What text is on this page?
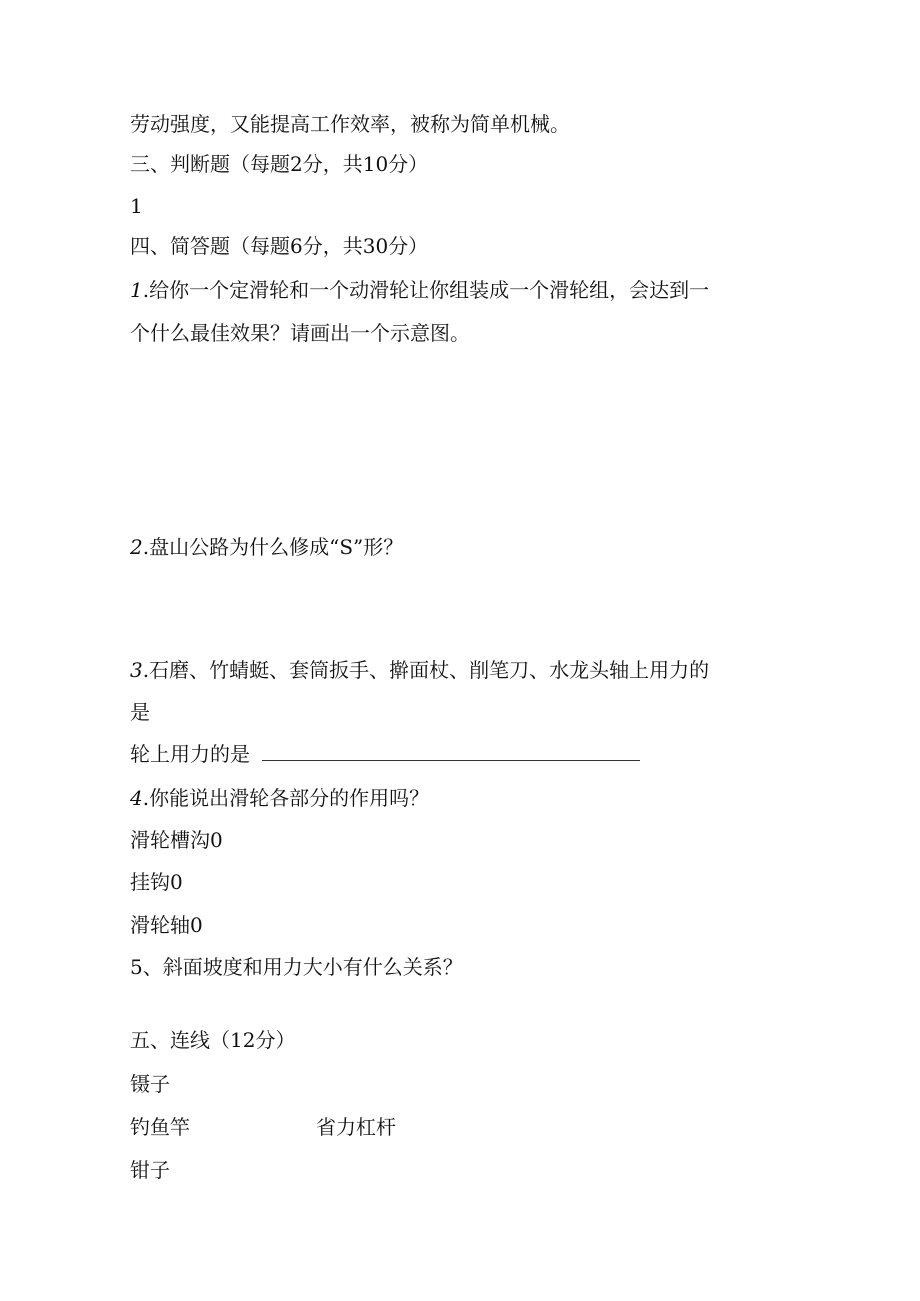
劳动强度，又能提高工作效率，被称为简单机械。
三、判断题（每题2分，共10分）
1
四、简答题（每题6分，共30分）
1.给你一个定滑轮和一个动滑轮让你组装成一个滑轮组，会达到一
个什么最佳效果？请画出一个示意图。
2.盘山公路为什么修成“S”形？
3.石磨、竹蜻蜓、套筒扳手、擀面杖、削笔刀、水龙头轴上用力的
是
轮上用力的是
4.你能说出滑轮各部分的作用吗？
滑轮槽沟0
挂钩0
滑轮轴0
5、斜面坡度和用力大小有什么关系？
五、连线（12分）
镊子
钓鱼竿	省力杠杆
钳子
